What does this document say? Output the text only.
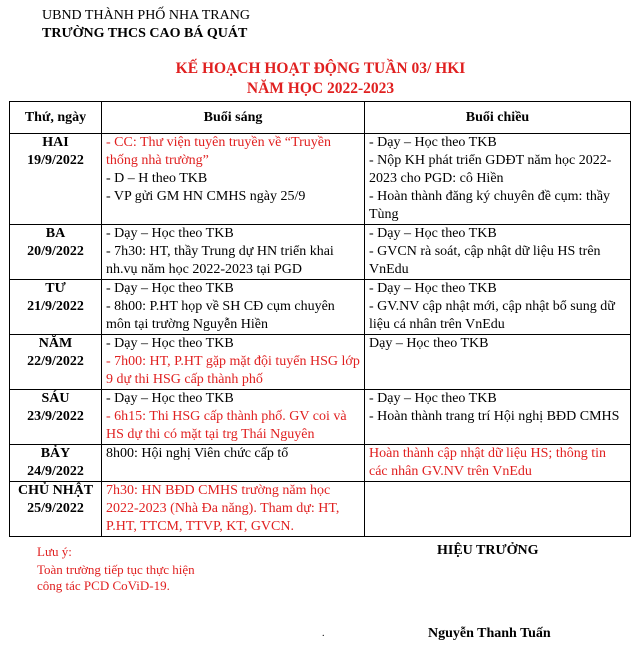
UBND THÀNH PHỐ NHA TRANG
TRƯỜNG THCS CAO BÁ QUÁT
KẾ HOẠCH HOẠT ĐỘNG TUẦN 03/ HKI
NĂM HỌC 2022-2023
Thứ, ngày	Buổi sáng	Buổi chiều

HAI
19/9/2022	- CC: Thư viện tuyên truyền về “Truyền thống nhà trường”
- D – H theo TKB
- VP gửi GM HN CMHS ngày 25/9	- Dạy – Học theo TKB
- Nộp KH phát triển GDĐT năm học 2022-2023 cho PGD: cô Hiền
- Hoàn thành đăng ký chuyên đề cụm: thầy Tùng

BA
20/9/2022	- Dạy – Học theo TKB
- 7h30: HT, thầy Trung dự HN triển khai nh.vụ năm học 2022-2023 tại PGD	- Dạy – Học theo TKB
- GVCN rà soát, cập nhật dữ liệu HS trên VnEdu

TƯ
21/9/2022	- Dạy – Học theo TKB
- 8h00: P.HT họp về SH CĐ cụm chuyên môn tại trường Nguyễn Hiền	- Dạy – Học theo TKB
- GV.NV cập nhật mới, cập nhật bổ sung dữ liệu cá nhân trên VnEdu

NĂM
22/9/2022	- Dạy – Học theo TKB
- 7h00: HT, P.HT gặp mặt đội tuyển HSG lớp 9 dự thi HSG cấp thành phố	Dạy – Học theo TKB

SÁU
23/9/2022	- Dạy – Học theo TKB
- 6h15: Thi HSG cấp thành phố. GV coi và HS dự thi có mặt tại trg Thái Nguyên	- Dạy – Học theo TKB
- Hoàn thành trang trí Hội nghị BĐD CMHS

BẢY
24/9/2022	8h00: Hội nghị Viên chức cấp tổ	Hoàn thành cập nhật dữ liệu HS; thông tin các nhân GV.NV trên VnEdu

CHỦ NHẬT
25/9/2022	7h30: HN BĐD CMHS trường năm học 2022-2023 (Nhà Đa năng). Tham dự: HT, P.HT, TTCM, TTVP, KT, GVCN.	

Lưu ý:
Toàn trường tiếp tục thực hiện
công tác PCD CoViD-19.
HIỆU TRƯỞNG
.	Nguyễn Thanh Tuấn
